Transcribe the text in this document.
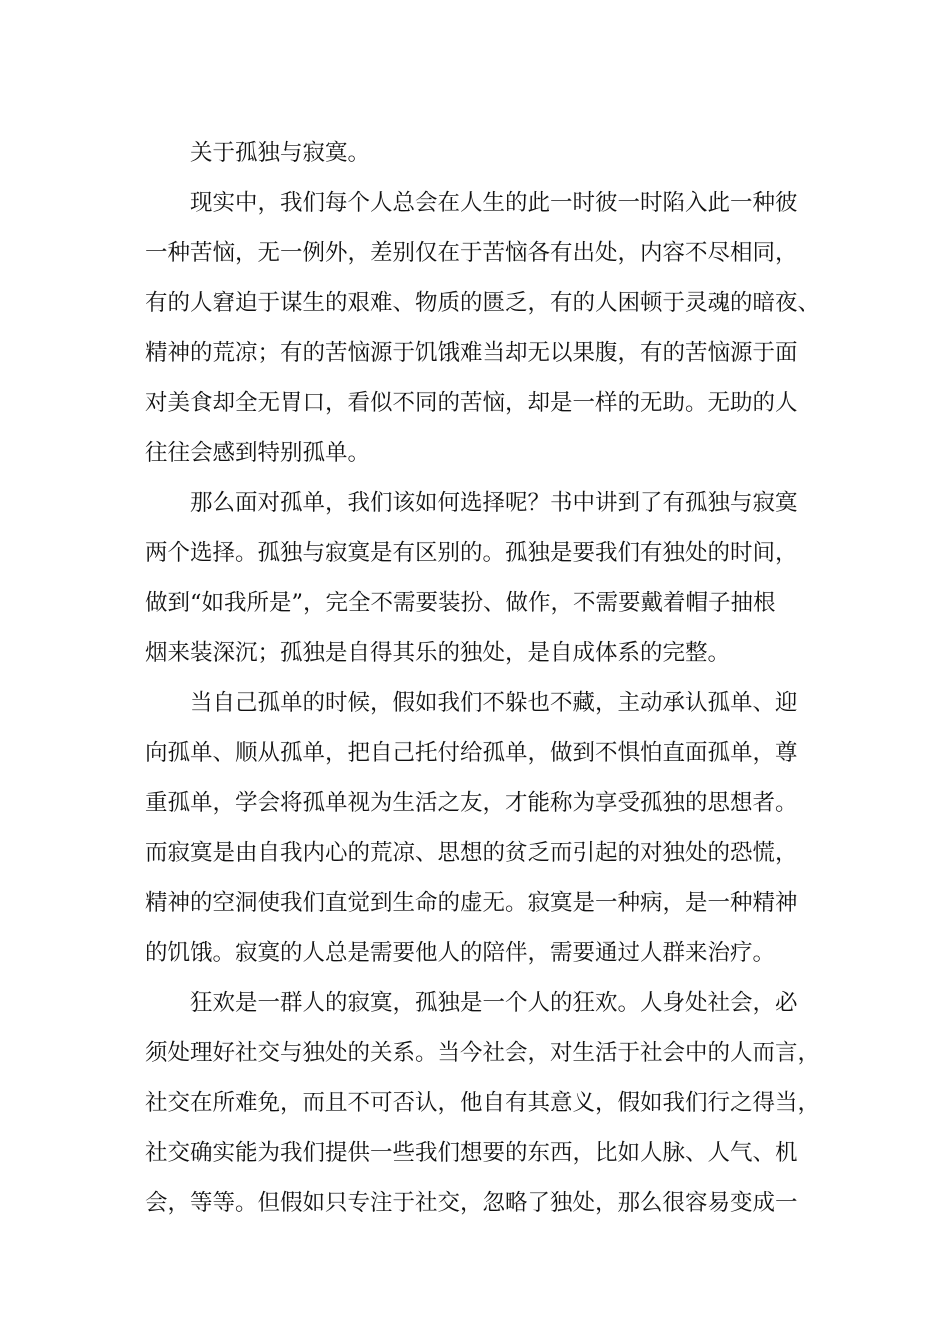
关于孤独与寂寞。
现实中，我们每个人总会在人生的此一时彼一时陷入此一种彼
一种苦恼，无一例外，差别仅在于苦恼各有出处，内容不尽相同，
有的人窘迫于谋生的艰难、物质的匮乏，有的人困顿于灵魂的暗夜、
精神的荒凉；有的苦恼源于饥饿难当却无以果腹，有的苦恼源于面
对美食却全无胃口，看似不同的苦恼，却是一样的无助。无助的人
往往会感到特别孤单。
那么面对孤单，我们该如何选择呢？书中讲到了有孤独与寂寞
两个选择。孤独与寂寞是有区别的。孤独是要我们有独处的时间，
做到“如我所是”，完全不需要装扮、做作，不需要戴着帽子抽根
烟来装深沉；孤独是自得其乐的独处，是自成体系的完整。
当自己孤单的时候，假如我们不躲也不藏，主动承认孤单、迎
向孤单、顺从孤单，把自己托付给孤单，做到不惧怕直面孤单，尊
重孤单，学会将孤单视为生活之友，才能称为享受孤独的思想者。
而寂寞是由自我内心的荒凉、思想的贫乏而引起的对独处的恐慌，
精神的空洞使我们直觉到生命的虚无。寂寞是一种病，是一种精神
的饥饿。寂寞的人总是需要他人的陪伴，需要通过人群来治疗。
狂欢是一群人的寂寞，孤独是一个人的狂欢。人身处社会，必
须处理好社交与独处的关系。当今社会，对生活于社会中的人而言，
社交在所难免，而且不可否认，他自有其意义，假如我们行之得当，
社交确实能为我们提供一些我们想要的东西，比如人脉、人气、机
会，等等。但假如只专注于社交，忽略了独处，那么很容易变成一
